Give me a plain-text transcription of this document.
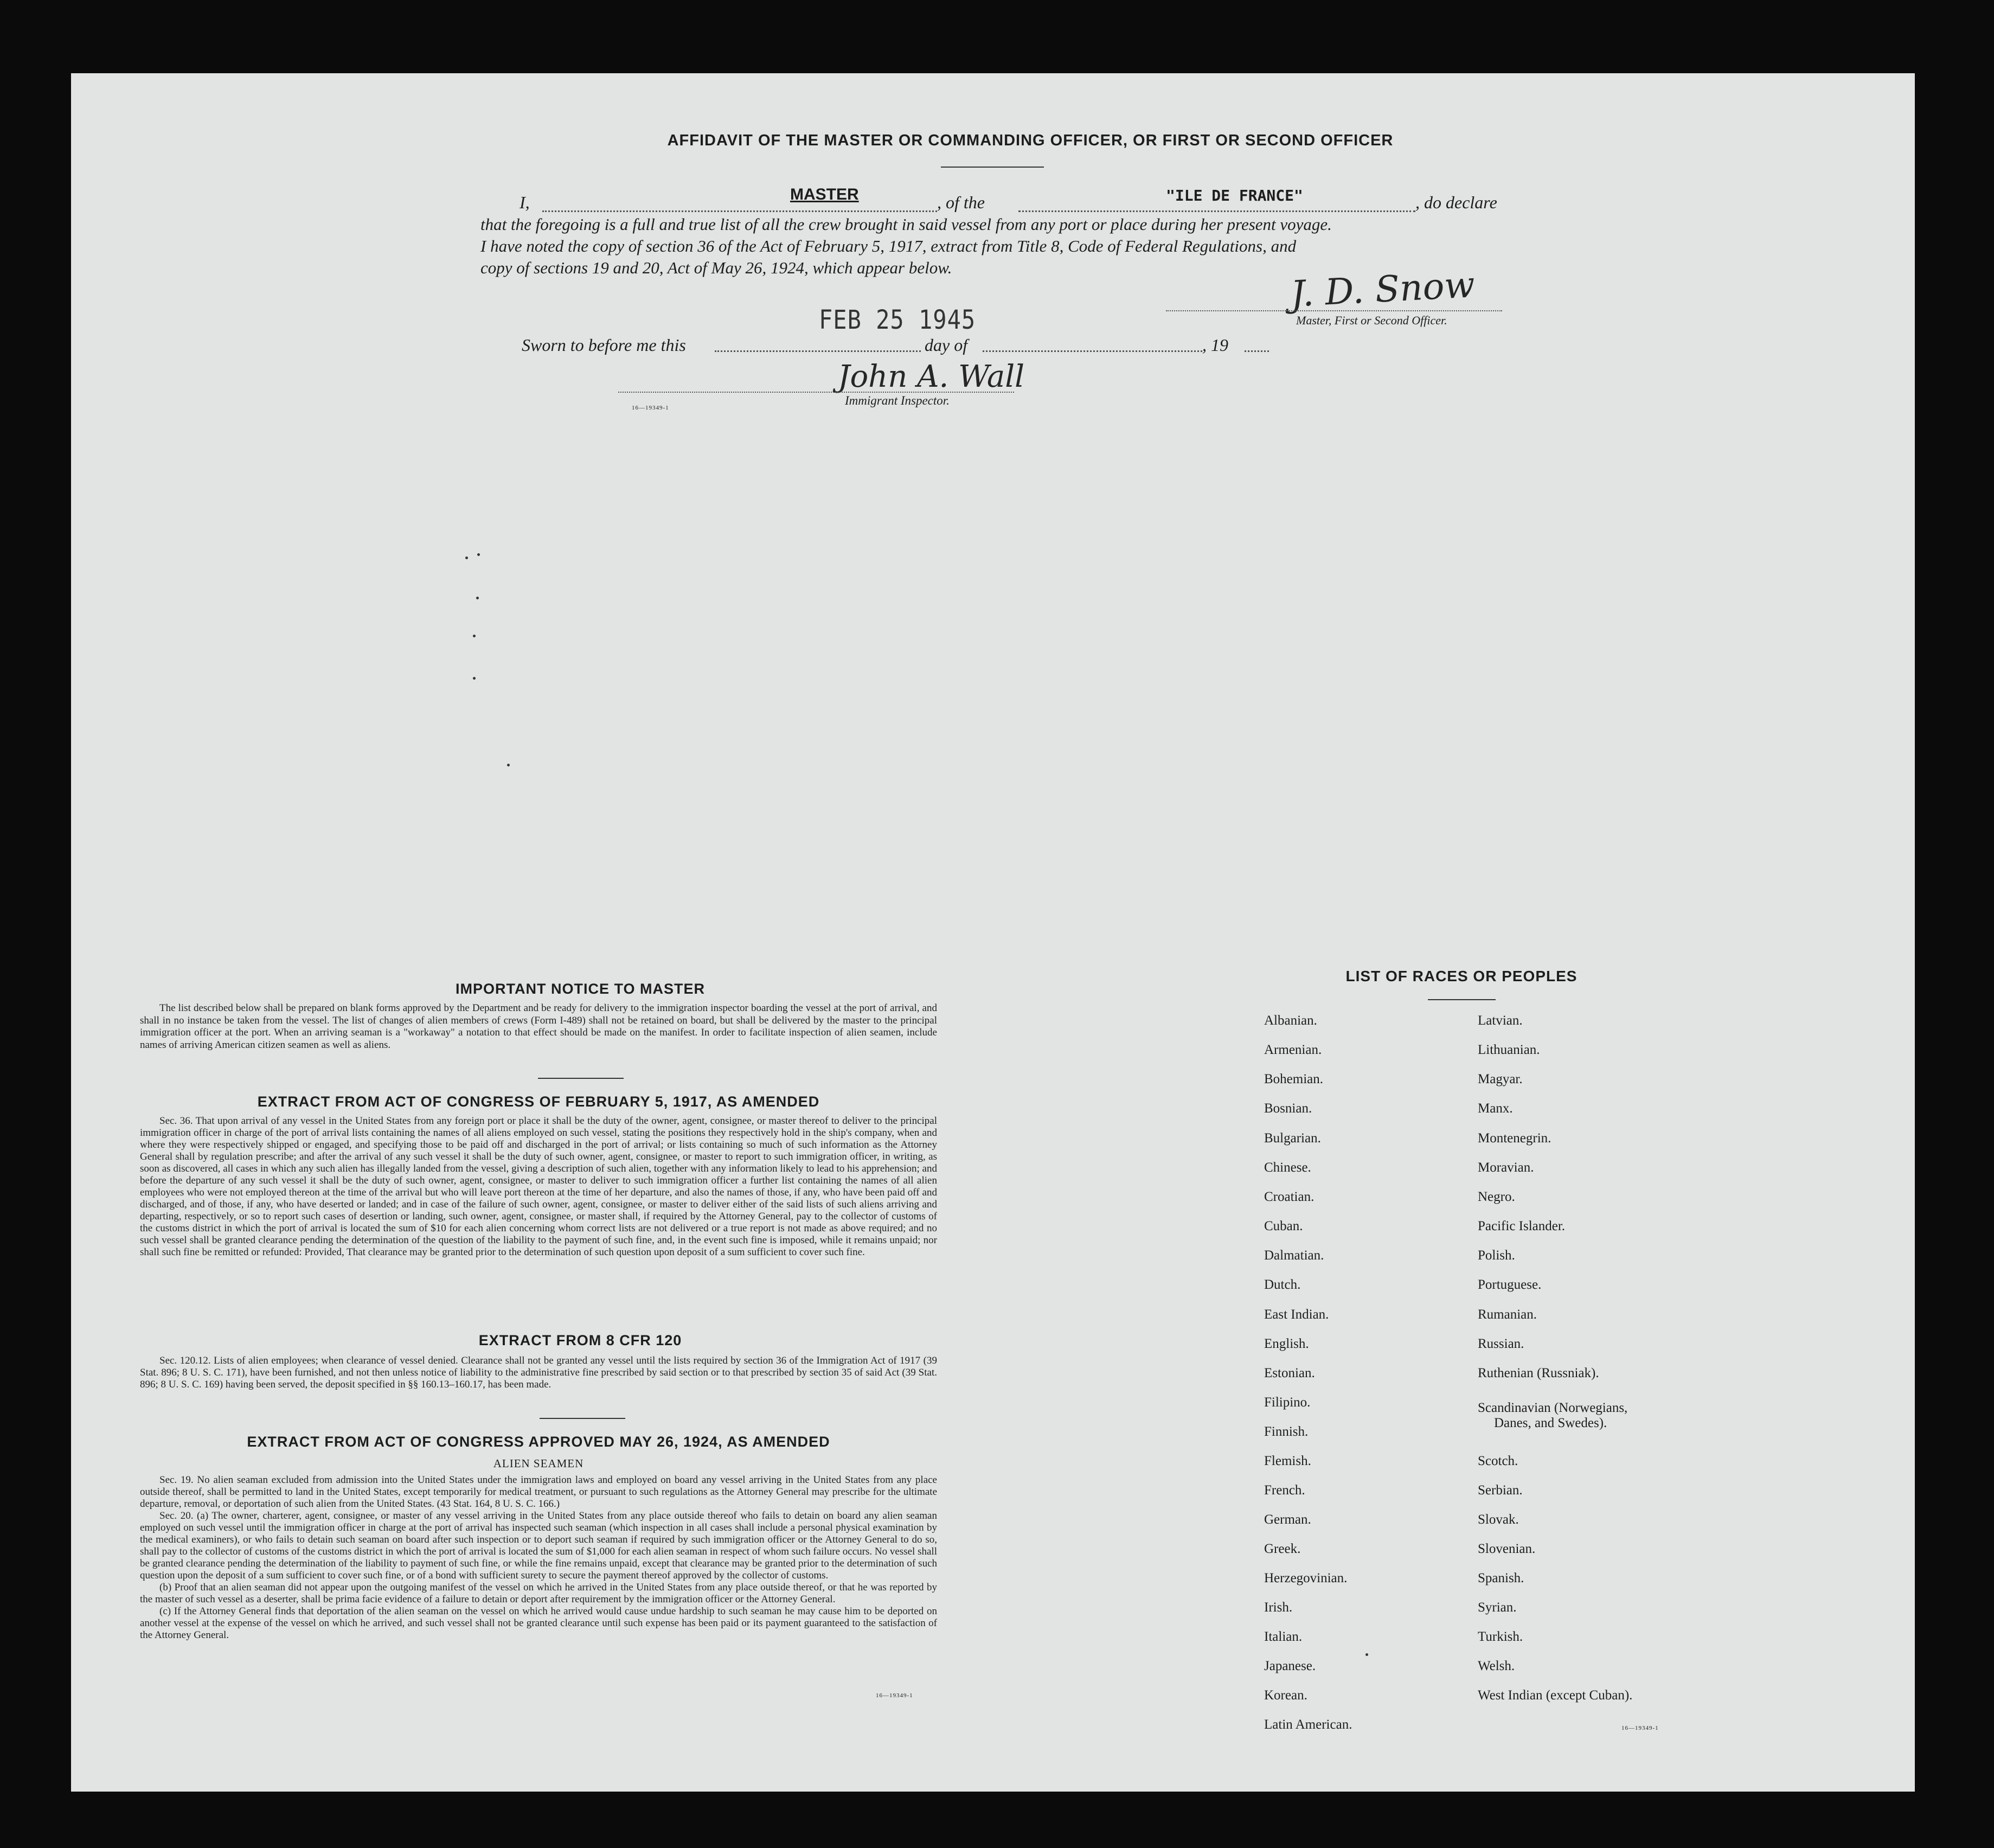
AFFIDAVIT OF THE MASTER OR COMMANDING OFFICER, OR FIRST OR SECOND OFFICER
I,	MASTER	, of the	"ILE DE FRANCE"	, do declare
that the foregoing is a full and true list of all the crew brought in said vessel from any port or place during her present voyage.
I have noted the copy of section 36 of the Act of February 5, 1917, extract from Title 8, Code of Federal Regulations, and
copy of sections 19 and 20, Act of May 26, 1924, which appear below.	J. D. Snow
Master, First or Second Officer.
FEB 25 1945
Sworn to before me this	day of	, 19
John A. Wall
Immigrant Inspector.
16—19349-1
IMPORTANT NOTICE TO MASTER

The list described below shall be prepared on blank forms approved by the Department and be ready for delivery to the immigration inspector boarding the vessel at the port of arrival, and shall in no instance be taken from the vessel. The list of changes of alien members of crews (Form I-489) shall not be retained on board, but shall be delivered by the master to the principal immigration officer at the port. When an arriving seaman is a "workaway" a notation to that effect should be made on the manifest. In order to facilitate inspection of alien seamen, include names of arriving American citizen seamen as well as aliens.

EXTRACT FROM ACT OF CONGRESS OF FEBRUARY 5, 1917, AS AMENDED

Sec. 36. That upon arrival of any vessel in the United States from any foreign port or place it shall be the duty of the owner, agent, consignee, or master thereof to deliver to the principal immigration officer in charge of the port of arrival lists containing the names of all aliens employed on such vessel, stating the positions they respectively hold in the ship's company, when and where they were respectively shipped or engaged, and specifying those to be paid off and discharged in the port of arrival; or lists containing so much of such information as the Attorney General shall by regulation prescribe; and after the arrival of any such vessel it shall be the duty of such owner, agent, consignee, or master to report to such immigration officer, in writing, as soon as discovered, all cases in which any such alien has illegally landed from the vessel, giving a description of such alien, together with any information likely to lead to his apprehension; and before the departure of any such vessel it shall be the duty of such owner, agent, consignee, or master to deliver to such immigration officer a further list containing the names of all alien employees who were not employed thereon at the time of the arrival but who will leave port thereon at the time of her departure, and also the names of those, if any, who have been paid off and discharged, and of those, if any, who have deserted or landed; and in case of the failure of such owner, agent, consignee, or master to deliver either of the said lists of such aliens arriving and departing, respectively, or so to report such cases of desertion or landing, such owner, agent, consignee, or master shall, if required by the Attorney General, pay to the collector of customs of the customs district in which the port of arrival is located the sum of $10 for each alien concerning whom correct lists are not delivered or a true report is not made as above required; and no such vessel shall be granted clearance pending the determination of the question of the liability to the payment of such fine, and, in the event such fine is imposed, while it remains unpaid; nor shall such fine be remitted or refunded: Provided, That clearance may be granted prior to the determination of such question upon deposit of a sum sufficient to cover such fine.

EXTRACT FROM 8 CFR 120

Sec. 120.12. Lists of alien employees; when clearance of vessel denied. Clearance shall not be granted any vessel until the lists required by section 36 of the Immigration Act of 1917 (39 Stat. 896; 8 U. S. C. 171), have been furnished, and not then unless notice of liability to the administrative fine prescribed by said section or to that prescribed by section 35 of said Act (39 Stat. 896; 8 U. S. C. 169) having been served, the deposit specified in §§ 160.13–160.17, has been made.

EXTRACT FROM ACT OF CONGRESS APPROVED MAY 26, 1924, AS AMENDED
ALIEN SEAMEN

Sec. 19. No alien seaman excluded from admission into the United States under the immigration laws and employed on board any vessel arriving in the United States from any place outside thereof, shall be permitted to land in the United States, except temporarily for medical treatment, or pursuant to such regulations as the Attorney General may prescribe for the ultimate departure, removal, or deportation of such alien from the United States. (43 Stat. 164, 8 U. S. C. 166.)

Sec. 20. (a) The owner, charterer, agent, consignee, or master of any vessel arriving in the United States from any place outside thereof who fails to detain on board any alien seaman employed on such vessel until the immigration officer in charge at the port of arrival has inspected such seaman (which inspection in all cases shall include a personal physical examination by the medical examiners), or who fails to detain such seaman on board after such inspection or to deport such seaman if required by such immigration officer or the Attorney General to do so, shall pay to the collector of customs of the customs district in which the port of arrival is located the sum of $1,000 for each alien seaman in respect of whom such failure occurs. No vessel shall be granted clearance pending the determination of the liability to payment of such fine, or while the fine remains unpaid, except that clearance may be granted prior to the determination of such question upon the deposit of a sum sufficient to cover such fine, or of a bond with sufficient surety to secure the payment thereof approved by the collector of customs.

(b) Proof that an alien seaman did not appear upon the outgoing manifest of the vessel on which he arrived in the United States from any place outside thereof, or that he was reported by the master of such vessel as a deserter, shall be prima facie evidence of a failure to detain or deport after requirement by the immigration officer or the Attorney General.

(c) If the Attorney General finds that deportation of the alien seaman on the vessel on which he arrived would cause undue hardship to such seaman he may cause him to be deported on another vessel at the expense of the vessel on which he arrived, and such vessel shall not be granted clearance until such expense has been paid or its payment guaranteed to the satisfaction of the Attorney General.

16—19349-1
LIST OF RACES OR PEOPLES
Albanian.
Armenian.
Bohemian.
Bosnian.
Bulgarian.
Chinese.
Croatian.
Cuban.
Dalmatian.
Dutch.
East Indian.
English.
Estonian.
Filipino.
Finnish.
Flemish.
French.
German.
Greek.
Herzegovinian.
Irish.
Italian.
Japanese.
Korean.
Latin American.
Latvian.
Lithuanian.
Magyar.
Manx.
Montenegrin.
Moravian.
Negro.
Pacific Islander.
Polish.
Portuguese.
Rumanian.
Russian.
Ruthenian (Russniak).
Scandinavian (Norwegians,
Danes, and Swedes).
Scotch.
Serbian.
Slovak.
Slovenian.
Spanish.
Syrian.
Turkish.
Welsh.
West Indian (except Cuban).
16—19349-1
